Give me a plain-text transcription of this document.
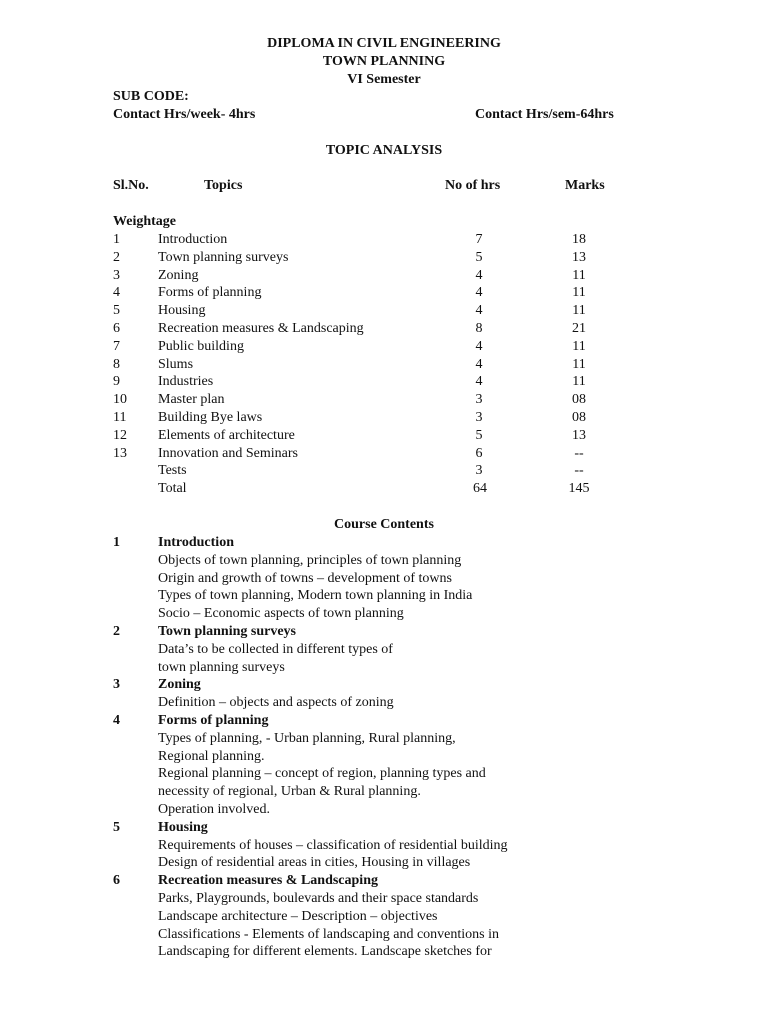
DIPLOMA IN CIVIL ENGINEERING
TOWN PLANNING
VI Semester
SUB CODE:
Contact Hrs/week- 4hrs	Contact Hrs/sem-64hrs
TOPIC ANALYSIS
Sl.No.	Topics	No of hrs	Marks
Weightage
1	Introduction	7	18
2	Town planning surveys	5	13
3	Zoning	4	11
4	Forms of planning	4	11
5	Housing	4	11
6	Recreation measures & Landscaping	8	21
7	Public building	4	11
8	Slums	4	11
9	Industries	4	11
10 Master plan	3	08
11 Building Bye laws	3	08
12 Elements of architecture	5	13
13 Innovation and Seminars	6	--
Tests	3	--
Total	64	145
Course Contents
1	Introduction
Objects of town planning, principles of town planning
Origin and growth of towns – development of towns
Types of town planning, Modern town planning in India
Socio – Economic aspects of town planning
2	Town planning surveys
Data’s to be collected in different types of
town planning surveys
3	Zoning
Definition – objects and aspects of zoning
4	Forms of planning
Types of planning, - Urban planning, Rural planning,
Regional planning.
Regional planning – concept of region, planning types and
necessity of regional, Urban & Rural planning.
Operation involved.
5	Housing
Requirements of houses – classification of residential building
Design of residential areas in cities, Housing in villages
6	Recreation measures & Landscaping
Parks, Playgrounds, boulevards and their space standards
Landscape architecture – Description – objectives
Classifications - Elements of landscaping and conventions in
Landscaping for different elements. Landscape sketches for
